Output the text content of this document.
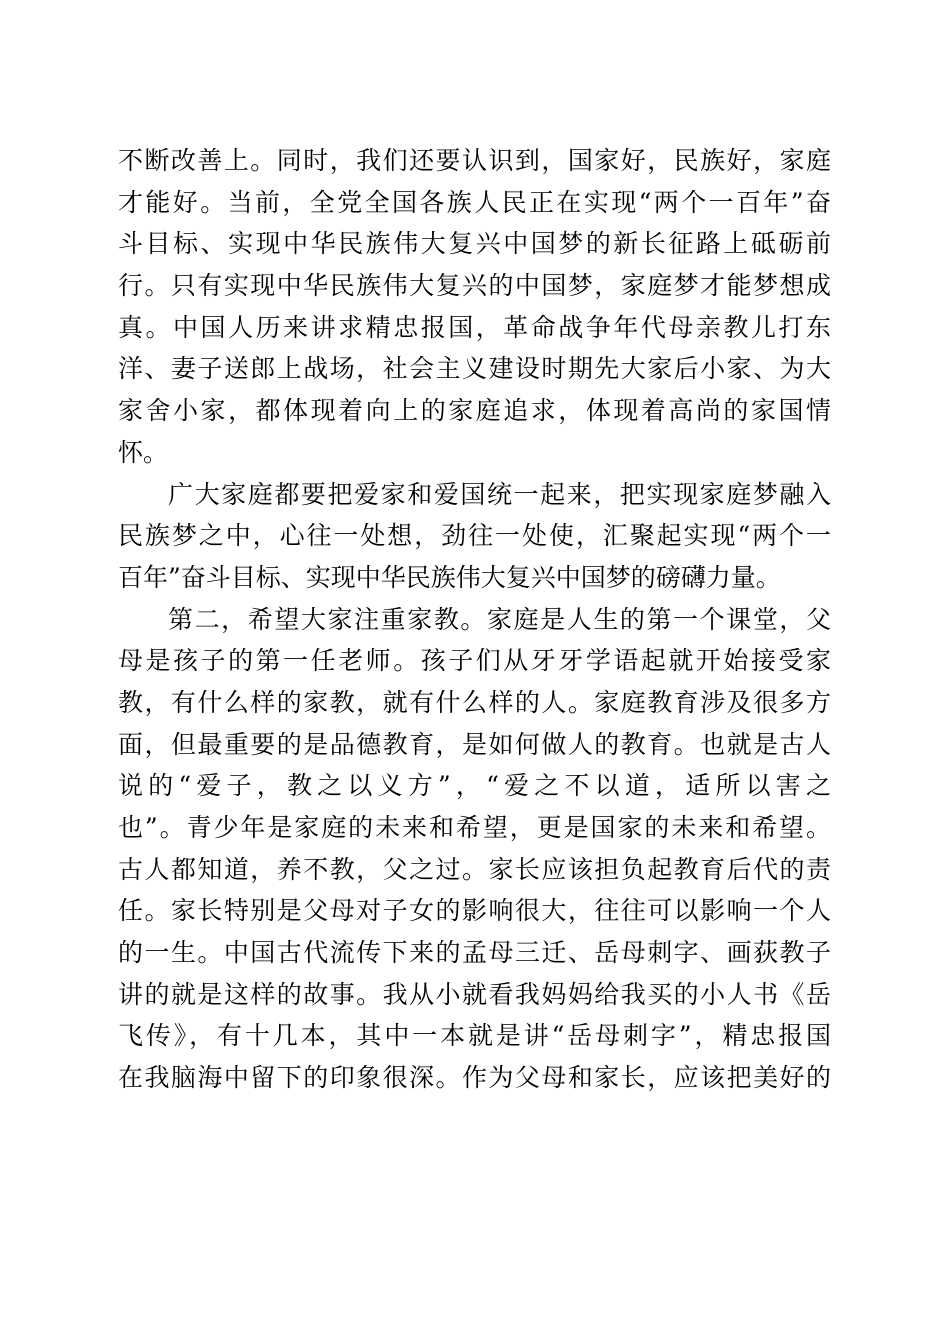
不断改善上。同时，我们还要认识到，国家好，民族好，家庭
才能好。当前，全党全国各族人民正在实现“两个一百年”奋
斗目标、实现中华民族伟大复兴中国梦的新长征路上砥砺前
行。只有实现中华民族伟大复兴的中国梦，家庭梦才能梦想成
真。中国人历来讲求精忠报国，革命战争年代母亲教儿打东
洋、妻子送郎上战场，社会主义建设时期先大家后小家、为大
家舍小家，都体现着向上的家庭追求，体现着高尚的家国情
怀。
广大家庭都要把爱家和爱国统一起来，把实现家庭梦融入
民族梦之中，心往一处想，劲往一处使，汇聚起实现“两个一
百年”奋斗目标、实现中华民族伟大复兴中国梦的磅礴力量。
第二，希望大家注重家教。家庭是人生的第一个课堂，父
母是孩子的第一任老师。孩子们从牙牙学语起就开始接受家
教，有什么样的家教，就有什么样的人。家庭教育涉及很多方
面，但最重要的是品德教育，是如何做人的教育。也就是古人
说的“爱子，教之以义方”，“爱之不以道，适所以害之
也”。青少年是家庭的未来和希望，更是国家的未来和希望。
古人都知道，养不教，父之过。家长应该担负起教育后代的责
任。家长特别是父母对子女的影响很大，往往可以影响一个人
的一生。中国古代流传下来的孟母三迁、岳母刺字、画荻教子
讲的就是这样的故事。我从小就看我妈妈给我买的小人书《岳
飞传》，有十几本，其中一本就是讲“岳母刺字”，精忠报国
在我脑海中留下的印象很深。作为父母和家长，应该把美好的
